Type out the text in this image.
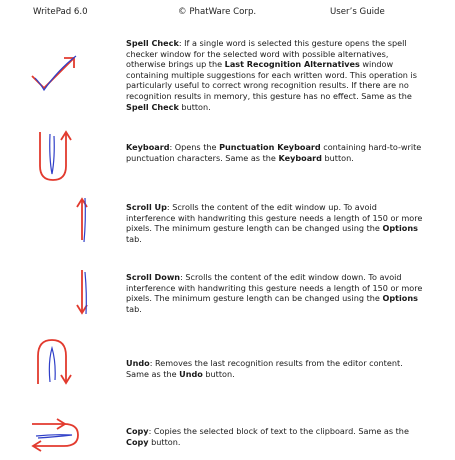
WritePad 6.0	© PhatWare Corp.	User’s Guide

Spell Check: If a single word is selected this gesture opens the spell checker window for the selected word with possible alternatives, otherwise brings up the Last Recognition Alternatives window containing multiple suggestions for each written word. This operation is particularly useful to correct wrong recognition results. If there are no recognition results in memory, this gesture has no effect. Same as the Spell Check button.

Keyboard: Opens the Punctuation Keyboard containing hard-to-write punctuation characters. Same as the Keyboard button.

Scroll Up: Scrolls the content of the edit window up. To avoid interference with handwriting this gesture needs a length of 150 or more pixels. The minimum gesture length can be changed using the Options tab.

Scroll Down: Scrolls the content of the edit window down. To avoid interference with handwriting this gesture needs a length of 150 or more pixels. The minimum gesture length can be changed using the Options tab.

Undo: Removes the last recognition results from the editor content. Same as the Undo button.

Copy: Copies the selected block of text to the clipboard. Same as the Copy button.
